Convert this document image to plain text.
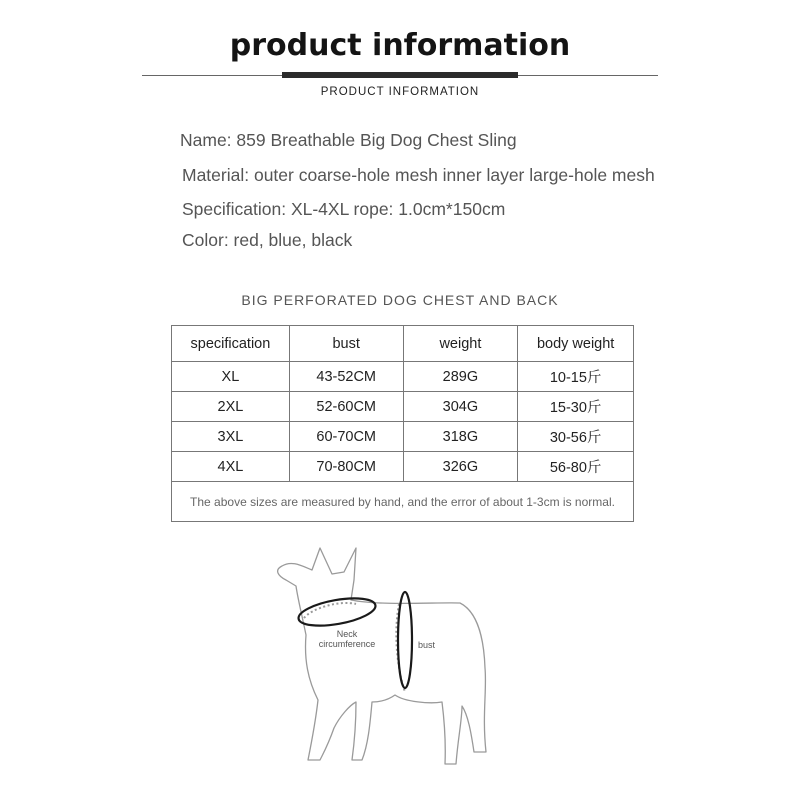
product information
PRODUCT INFORMATION
Name: 859 Breathable Big Dog Chest Sling
Material: outer coarse-hole mesh inner layer large-hole mesh
Specification: XL-4XL rope: 1.0cm*150cm
Color: red, blue, black
BIG PERFORATED DOG CHEST AND BACK
specification	bust	weight	body weight
XL	43-52CM	289G	10-15斤
2XL	52-60CM	304G	15-30斤
3XL	60-70CM	318G	30-56斤
4XL	70-80CM	326G	56-80斤
The above sizes are measured by hand, and the error of about 1-3cm is normal.			
Neck
circumference	bust
